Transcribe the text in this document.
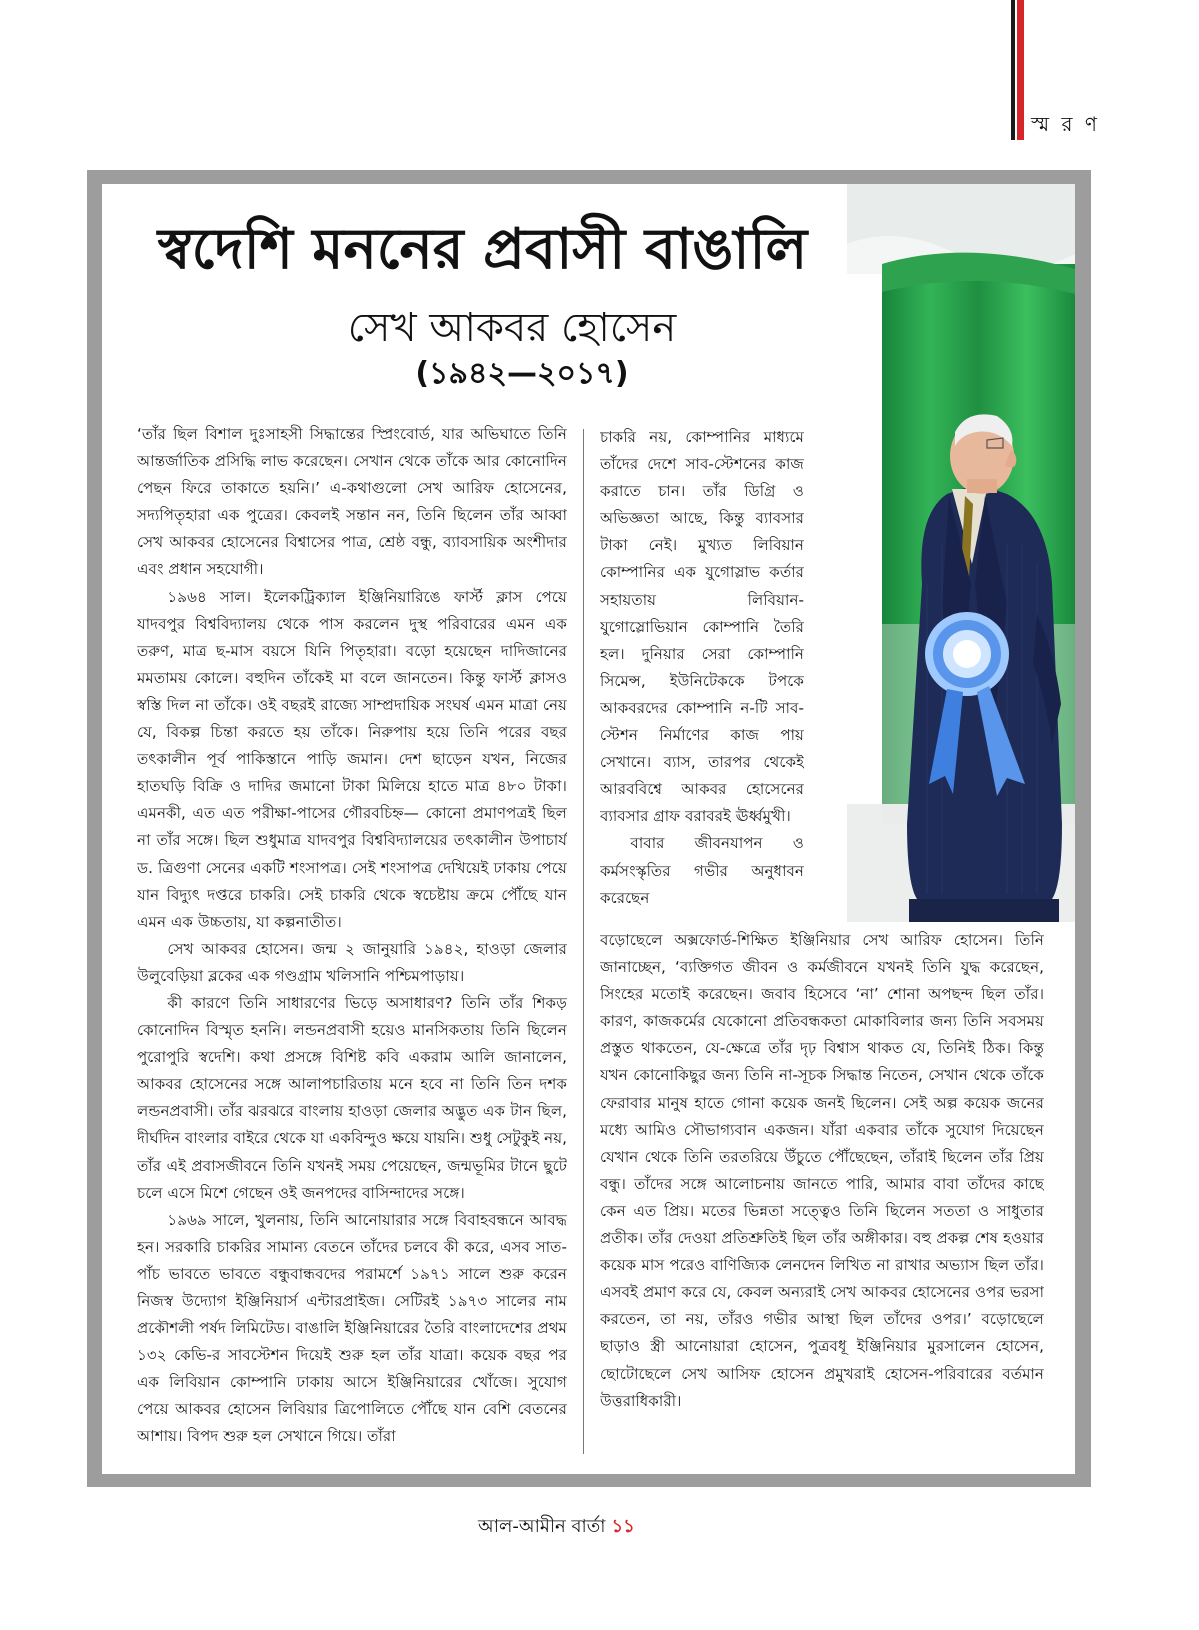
স্ম র ণ
স্বদেশি মননের প্রবাসী বাঙালি
সেখ আকবর হোসেন
(১৯৪২—২০১৭)

‘তাঁর ছিল বিশাল দুঃসাহসী সিদ্ধান্তের স্প্রিংবোর্ড, যার অভিঘাতে তিনি আন্তর্জাতিক প্রসিদ্ধি লাভ করেছেন। সেখান থেকে তাঁকে আর কোনোদিন পেছন ফিরে তাকাতে হয়নি।’ এ-কথাগুলো সেখ আরিফ হোসেনের, সদ্যপিতৃহারা এক পুত্রের। কেবলই সন্তান নন, তিনি ছিলেন তাঁর আব্বা সেখ আকবর হোসেনের বিশ্বাসের পাত্র, শ্রেষ্ঠ বন্ধু, ব্যাবসায়িক অংশীদার এবং প্রধান সহযোগী।

১৯৬৪ সাল। ইলেকট্রিক্যাল ইঞ্জিনিয়ারিঙে ফার্স্ট ক্লাস পেয়ে যাদবপুর বিশ্ববিদ্যালয় থেকে পাস করলেন দুস্থ পরিবারের এমন এক তরুণ, মাত্র ছ-মাস বয়সে যিনি পিতৃহারা। বড়ো হয়েছেন দাদিজানের মমতাময় কোলে। বহুদিন তাঁকেই মা বলে জানতেন। কিন্তু ফার্স্ট ক্লাসও স্বস্তি দিল না তাঁকে। ওই বছরই রাজ্যে সাম্প্রদায়িক সংঘর্ষ এমন মাত্রা নেয় যে, বিকল্প চিন্তা করতে হয় তাঁকে। নিরুপায় হয়ে তিনি পরের বছর তৎকালীন পূর্ব পাকিস্তানে পাড়ি জমান। দেশ ছাড়েন যখন, নিজের হাতঘড়ি বিক্রি ও দাদির জমানো টাকা মিলিয়ে হাতে মাত্র ৪৮০ টাকা। এমনকী, এত এত পরীক্ষা-পাসের গৌরবচিহ্ন— কোনো প্রমাণপত্রই ছিল না তাঁর সঙ্গে। ছিল শুধুমাত্র যাদবপুর বিশ্ববিদ্যালয়ের তৎকালীন উপাচার্য ড. ত্রিগুণা সেনের একটি শংসাপত্র। সেই শংসাপত্র দেখিয়েই ঢাকায় পেয়ে যান বিদ্যুৎ দপ্তরে চাকরি। সেই চাকরি থেকে স্বচেষ্টায় ক্রমে পৌঁছে যান এমন এক উচ্চতায়, যা কল্পনাতীত।

সেখ আকবর হোসেন। জন্ম ২ জানুয়ারি ১৯৪২, হাওড়া জেলার উলুবেড়িয়া ব্লকের এক গণ্ডগ্রাম খলিসানি পশ্চিমপাড়ায়।

কী কারণে তিনি সাধারণের ভিড়ে অসাধারণ? তিনি তাঁর শিকড় কোনোদিন বিস্মৃত হননি। লন্ডনপ্রবাসী হয়েও মানসিকতায় তিনি ছিলেন পুরোপুরি স্বদেশি। কথা প্রসঙ্গে বিশিষ্ট কবি একরাম আলি জানালেন, আকবর হোসেনের সঙ্গে আলাপচারিতায় মনে হবে না তিনি তিন দশক লন্ডনপ্রবাসী। তাঁর ঝরঝরে বাংলায় হাওড়া জেলার অদ্ভুত এক টান ছিল, দীর্ঘদিন বাংলার বাইরে থেকে যা একবিন্দুও ক্ষয়ে যায়নি। শুধু সেটুকুই নয়, তাঁর এই প্রবাসজীবনে তিনি যখনই সময় পেয়েছেন, জন্মভূমির টানে ছুটে চলে এসে মিশে গেছেন ওই জনপদের বাসিন্দাদের সঙ্গে।

১৯৬৯ সালে, খুলনায়, তিনি আনোয়ারার সঙ্গে বিবাহবন্ধনে আবদ্ধ হন। সরকারি চাকরির সামান্য বেতনে তাঁদের চলবে কী করে, এসব সাত-পাঁচ ভাবতে ভাবতে বন্ধুবান্ধবদের পরামর্শে ১৯৭১ সালে শুরু করেন নিজস্ব উদ্যোগ ইঞ্জিনিয়ার্স এন্টারপ্রাইজ। সেটিরই ১৯৭৩ সালের নাম প্রকৌশলী পর্ষদ লিমিটেড। বাঙালি ইঞ্জিনিয়ারের তৈরি বাংলাদেশের প্রথম ১৩২ কেভি-র সাবস্টেশন দিয়েই শুরু হল তাঁর যাত্রা। কয়েক বছর পর এক লিবিয়ান কোম্পানি ঢাকায় আসে ইঞ্জিনিয়ারের খোঁজে। সুযোগ পেয়ে আকবর হোসেন লিবিয়ার ত্রিপোলিতে পৌঁছে যান বেশি বেতনের আশায়। বিপদ শুরু হল সেখানে গিয়ে। তাঁরা

চাকরি নয়, কোম্পানির মাধ্যমে তাঁদের দেশে সাব-স্টেশনের কাজ করাতে চান। তাঁর ডিগ্রি ও অভিজ্ঞতা আছে, কিন্তু ব্যাবসার টাকা নেই। মুখ্যত লিবিয়ান কোম্পানির এক যুগোস্লাভ কর্তার সহায়তায় লিবিয়ান-যুগোস্লোভিয়ান কোম্পানি তৈরি হল। দুনিয়ার সেরা কোম্পানি সিমেন্স, ইউনিটেককে টপকে আকবরদের কোম্পানি ন-টি সাব-স্টেশন নির্মাণের কাজ পায় সেখানে। ব্যাস, তারপর থেকেই আরববিশ্বে আকবর হোসেনের ব্যাবসার গ্রাফ বরাবরই ঊর্ধ্বমুখী।

বাবার জীবনযাপন ও কর্মসংস্কৃতির গভীর অনুধাবন করেছেন

বড়োছেলে অক্সফোর্ড-শিক্ষিত ইঞ্জিনিয়ার সেখ আরিফ হোসেন। তিনি জানাচ্ছেন, ‘ব্যক্তিগত জীবন ও কর্মজীবনে যখনই তিনি যুদ্ধ করেছেন, সিংহের মতোই করেছেন। জবাব হিসেবে ‘না’ শোনা অপছন্দ ছিল তাঁর। কারণ, কাজকর্মের যেকোনো প্রতিবন্ধকতা মোকাবিলার জন্য তিনি সবসময় প্রস্তুত থাকতেন, যে-ক্ষেত্রে তাঁর দৃঢ় বিশ্বাস থাকত যে, তিনিই ঠিক। কিন্তু যখন কোনোকিছুর জন্য তিনি না-সূচক সিদ্ধান্ত নিতেন, সেখান থেকে তাঁকে ফেরাবার মানুষ হাতে গোনা কয়েক জনই ছিলেন। সেই অল্প কয়েক জনের মধ্যে আমিও সৌভাগ্যবান একজন। যাঁরা একবার তাঁকে সুযোগ দিয়েছেন যেখান থেকে তিনি তরতরিয়ে উঁচুতে পৌঁছেছেন, তাঁরাই ছিলেন তাঁর প্রিয় বন্ধু। তাঁদের সঙ্গে আলোচনায় জানতে পারি, আমার বাবা তাঁদের কাছে কেন এত প্রিয়। মতের ভিন্নতা সত্ত্বেও তিনি ছিলেন সততা ও সাধুতার প্রতীক। তাঁর দেওয়া প্রতিশ্রুতিই ছিল তাঁর অঙ্গীকার। বহু প্রকল্প শেষ হওয়ার কয়েক মাস পরেও বাণিজ্যিক লেনদেন লিখিত না রাখার অভ্যাস ছিল তাঁর। এসবই প্রমাণ করে যে, কেবল অন্যরাই সেখ আকবর হোসেনের ওপর ভরসা করতেন, তা নয়, তাঁরও গভীর আস্থা ছিল তাঁদের ওপর।’ বড়োছেলে ছাড়াও স্ত্রী আনোয়ারা হোসেন, পুত্রবধূ ইঞ্জিনিয়ার মুরসালেন হোসেন, ছোটোছেলে সেখ আসিফ হোসেন প্রমুখরাই হোসেন-পরিবারের বর্তমান উত্তরাধিকারী।

আল-আমীন বার্তা ১১
